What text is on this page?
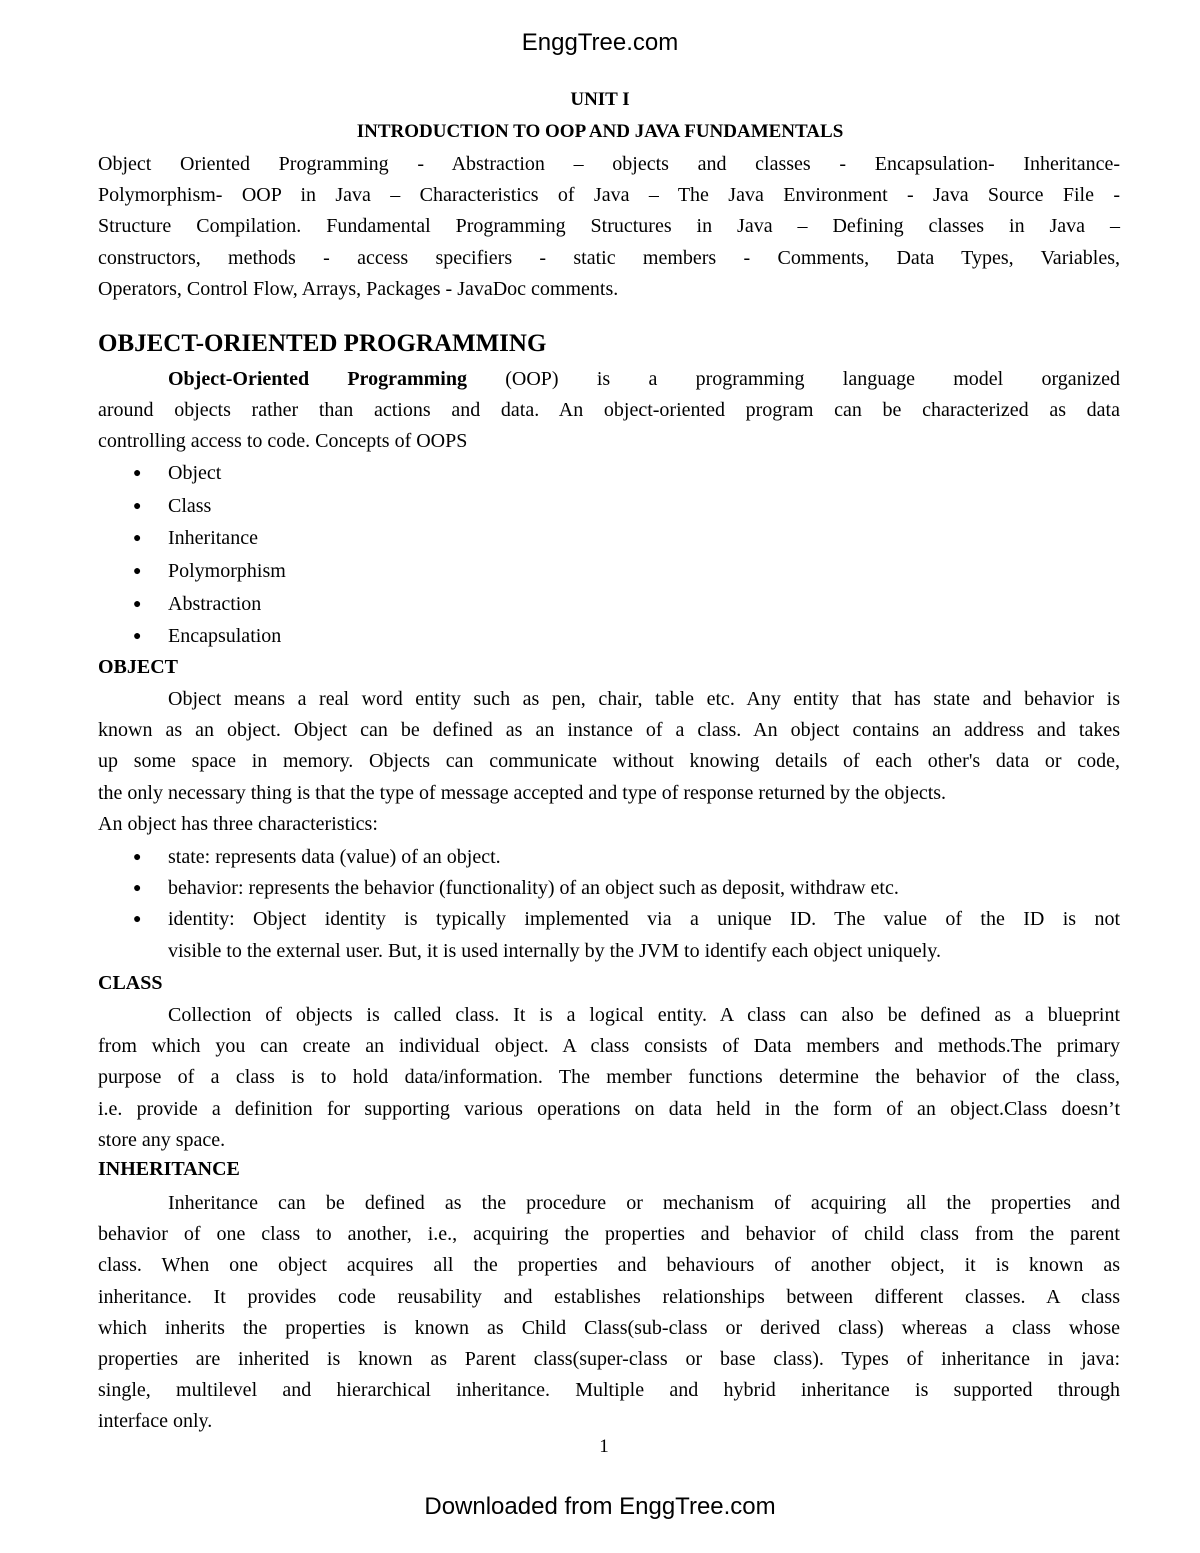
EnggTree.com
UNIT I
INTRODUCTION TO OOP AND JAVA FUNDAMENTALS
Object Oriented Programming - Abstraction – objects and classes - Encapsulation- Inheritance-
Polymorphism- OOP in Java – Characteristics of Java – The Java Environment - Java Source File -
Structure Compilation. Fundamental Programming Structures in Java – Defining classes in Java –
constructors, methods - access specifiers - static members - Comments, Data Types, Variables,
Operators, Control Flow, Arrays, Packages - JavaDoc comments.
OBJECT-ORIENTED PROGRAMMING
Object-Oriented Programming (OOP) is a programming language model organized
around objects rather than actions and data. An object-oriented program can be characterized as data
controlling access to code. Concepts of OOPS
● Object
● Class
● Inheritance
● Polymorphism
● Abstraction
● Encapsulation
OBJECT
Object means a real word entity such as pen, chair, table etc. Any entity that has state and behavior is
known as an object. Object can be defined as an instance of a class. An object contains an address and takes
up some space in memory. Objects can communicate without knowing details of each other's data or code,
the only necessary thing is that the type of message accepted and type of response returned by the objects.
An object has three characteristics:
● state: represents data (value) of an object.
● behavior: represents the behavior (functionality) of an object such as deposit, withdraw etc.
● identity: Object identity is typically implemented via a unique ID. The value of the ID is not
visible to the external user. But, it is used internally by the JVM to identify each object uniquely.
CLASS
Collection of objects is called class. It is a logical entity. A class can also be defined as a blueprint
from which you can create an individual object. A class consists of Data members and methods.The primary
purpose of a class is to hold data/information. The member functions determine the behavior of the class,
i.e. provide a definition for supporting various operations on data held in the form of an object.Class doesn’t
store any space.
INHERITANCE
Inheritance can be defined as the procedure or mechanism of acquiring all the properties and
behavior of one class to another, i.e., acquiring the properties and behavior of child class from the parent
class. When one object acquires all the properties and behaviours of another object, it is known as
inheritance. It provides code reusability and establishes relationships between different classes. A class
which inherits the properties is known as Child Class(sub-class or derived class) whereas a class whose
properties are inherited is known as Parent class(super-class or base class). Types of inheritance in java:
single, multilevel and hierarchical inheritance. Multiple and hybrid inheritance is supported through
interface only.
1
Downloaded from EnggTree.com
